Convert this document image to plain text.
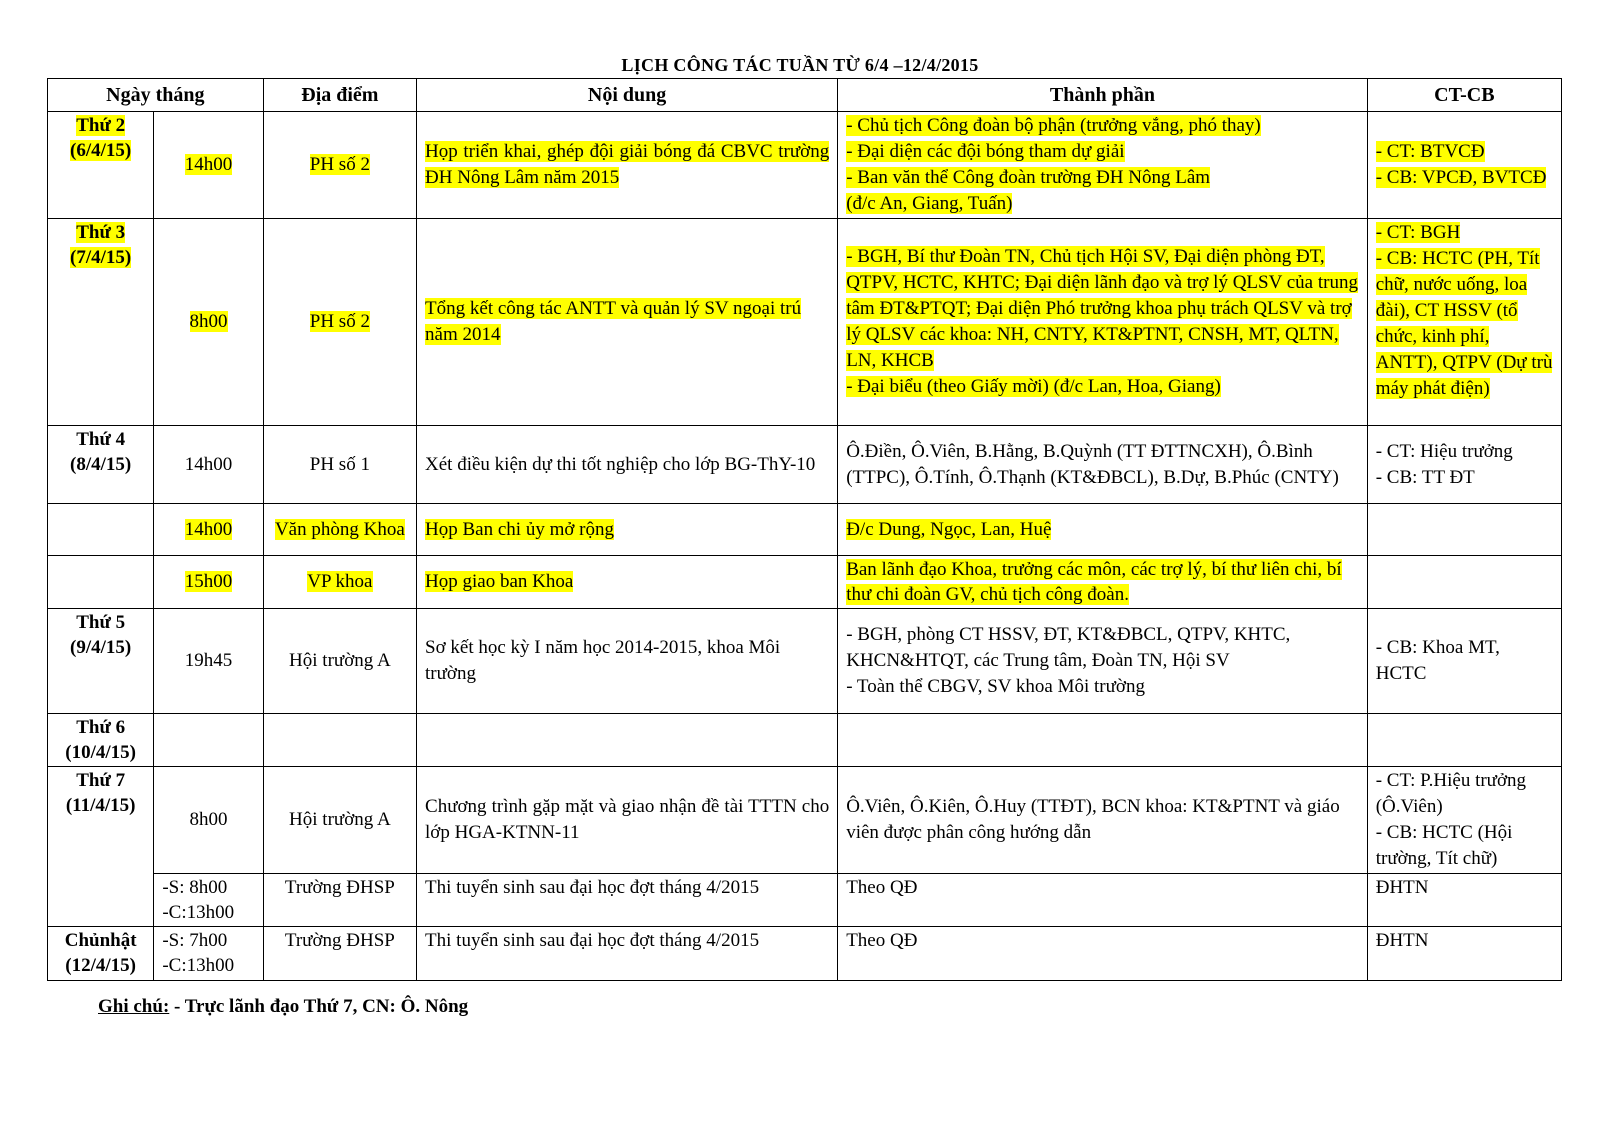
LỊCH CÔNG TÁC TUẦN TỪ 6/4 –12/4/2015
Ngày tháng		Địa điểm	Nội dung	Thành phần	CT-CB
Thứ 2
(6/4/15)	14h00	PH số 2	Họp triển khai, ghép đội giải bóng đá CBVC trường ĐH Nông Lâm năm 2015	- Chủ tịch Công đoàn bộ phận (trưởng vắng, phó thay)
- Đại diện các đội bóng tham dự giải
- Ban văn thể Công đoàn trường ĐH Nông Lâm
(đ/c An, Giang, Tuấn)	- CT: BTVCĐ
- CB: VPCĐ, BVTCĐ
Thứ 3
(7/4/15)	8h00	PH số 2	Tổng kết công tác ANTT và quản lý SV ngoại trú năm 2014	- BGH, Bí thư Đoàn TN, Chủ tịch Hội SV, Đại diện phòng ĐT, QTPV, HCTC, KHTC; Đại diện lãnh đạo và trợ lý QLSV của trung tâm ĐT&PTQT; Đại diện Phó trưởng khoa phụ trách QLSV và trợ lý QLSV các khoa: NH, CNTY, KT&PTNT, CNSH, MT, QLTN, LN, KHCB
- Đại biểu (theo Giấy mời) (đ/c Lan, Hoa, Giang)	- CT: BGH
- CB: HCTC (PH, Tít chữ, nước uống, loa đài), CT HSSV (tổ chức, kinh phí, ANTT), QTPV (Dự trù máy phát điện)
Thứ 4
(8/4/15)	14h00	PH số 1	Xét điều kiện dự thi tốt nghiệp cho lớp BG-ThY-10	Ô.Điền, Ô.Viên, B.Hằng, B.Quỳnh (TT ĐTTNCXH), Ô.Bình (TTPC), Ô.Tính, Ô.Thạnh (KT&ĐBCL), B.Dự, B.Phúc (CNTY)	- CT: Hiệu trưởng
- CB: TT ĐT
	14h00	Văn phòng Khoa	Họp Ban chi ủy mở rộng	Đ/c Dung, Ngọc, Lan, Huệ	
	15h00	VP khoa	Họp giao ban Khoa	Ban lãnh đạo Khoa, trưởng các môn, các trợ lý, bí thư liên chi, bí thư chi đoàn GV, chủ tịch công đoàn.	
Thứ 5
(9/4/15)	19h45	Hội trường A	Sơ kết học kỳ I năm học 2014-2015, khoa Môi trường	- BGH, phòng CT HSSV, ĐT, KT&ĐBCL, QTPV, KHTC, KHCN&HTQT, các Trung tâm, Đoàn TN, Hội SV
- Toàn thể CBGV, SV khoa Môi trường	- CB: Khoa MT, HCTC
Thứ 6
(10/4/15)					
Thứ 7
(11/4/15)	8h00	Hội trường A	Chương trình gặp mặt và giao nhận đề tài TTTN cho lớp HGA-KTNN-11	Ô.Viên, Ô.Kiên, Ô.Huy (TTĐT), BCN khoa: KT&PTNT và giáo viên được phân công hướng dẫn	- CT: P.Hiệu trưởng (Ô.Viên)
- CB: HCTC (Hội trường, Tít chữ)
	-S: 8h00
-C:13h00	Trường ĐHSP	Thi tuyển sinh sau đại học đợt tháng 4/2015	Theo QĐ	ĐHTN
Chủnhật
(12/4/15)	-S: 7h00
-C:13h00	Trường ĐHSP	Thi tuyển sinh sau đại học đợt tháng 4/2015	Theo QĐ	ĐHTN
Ghi chú: - Trực lãnh đạo Thứ 7, CN: Ô. Nông
